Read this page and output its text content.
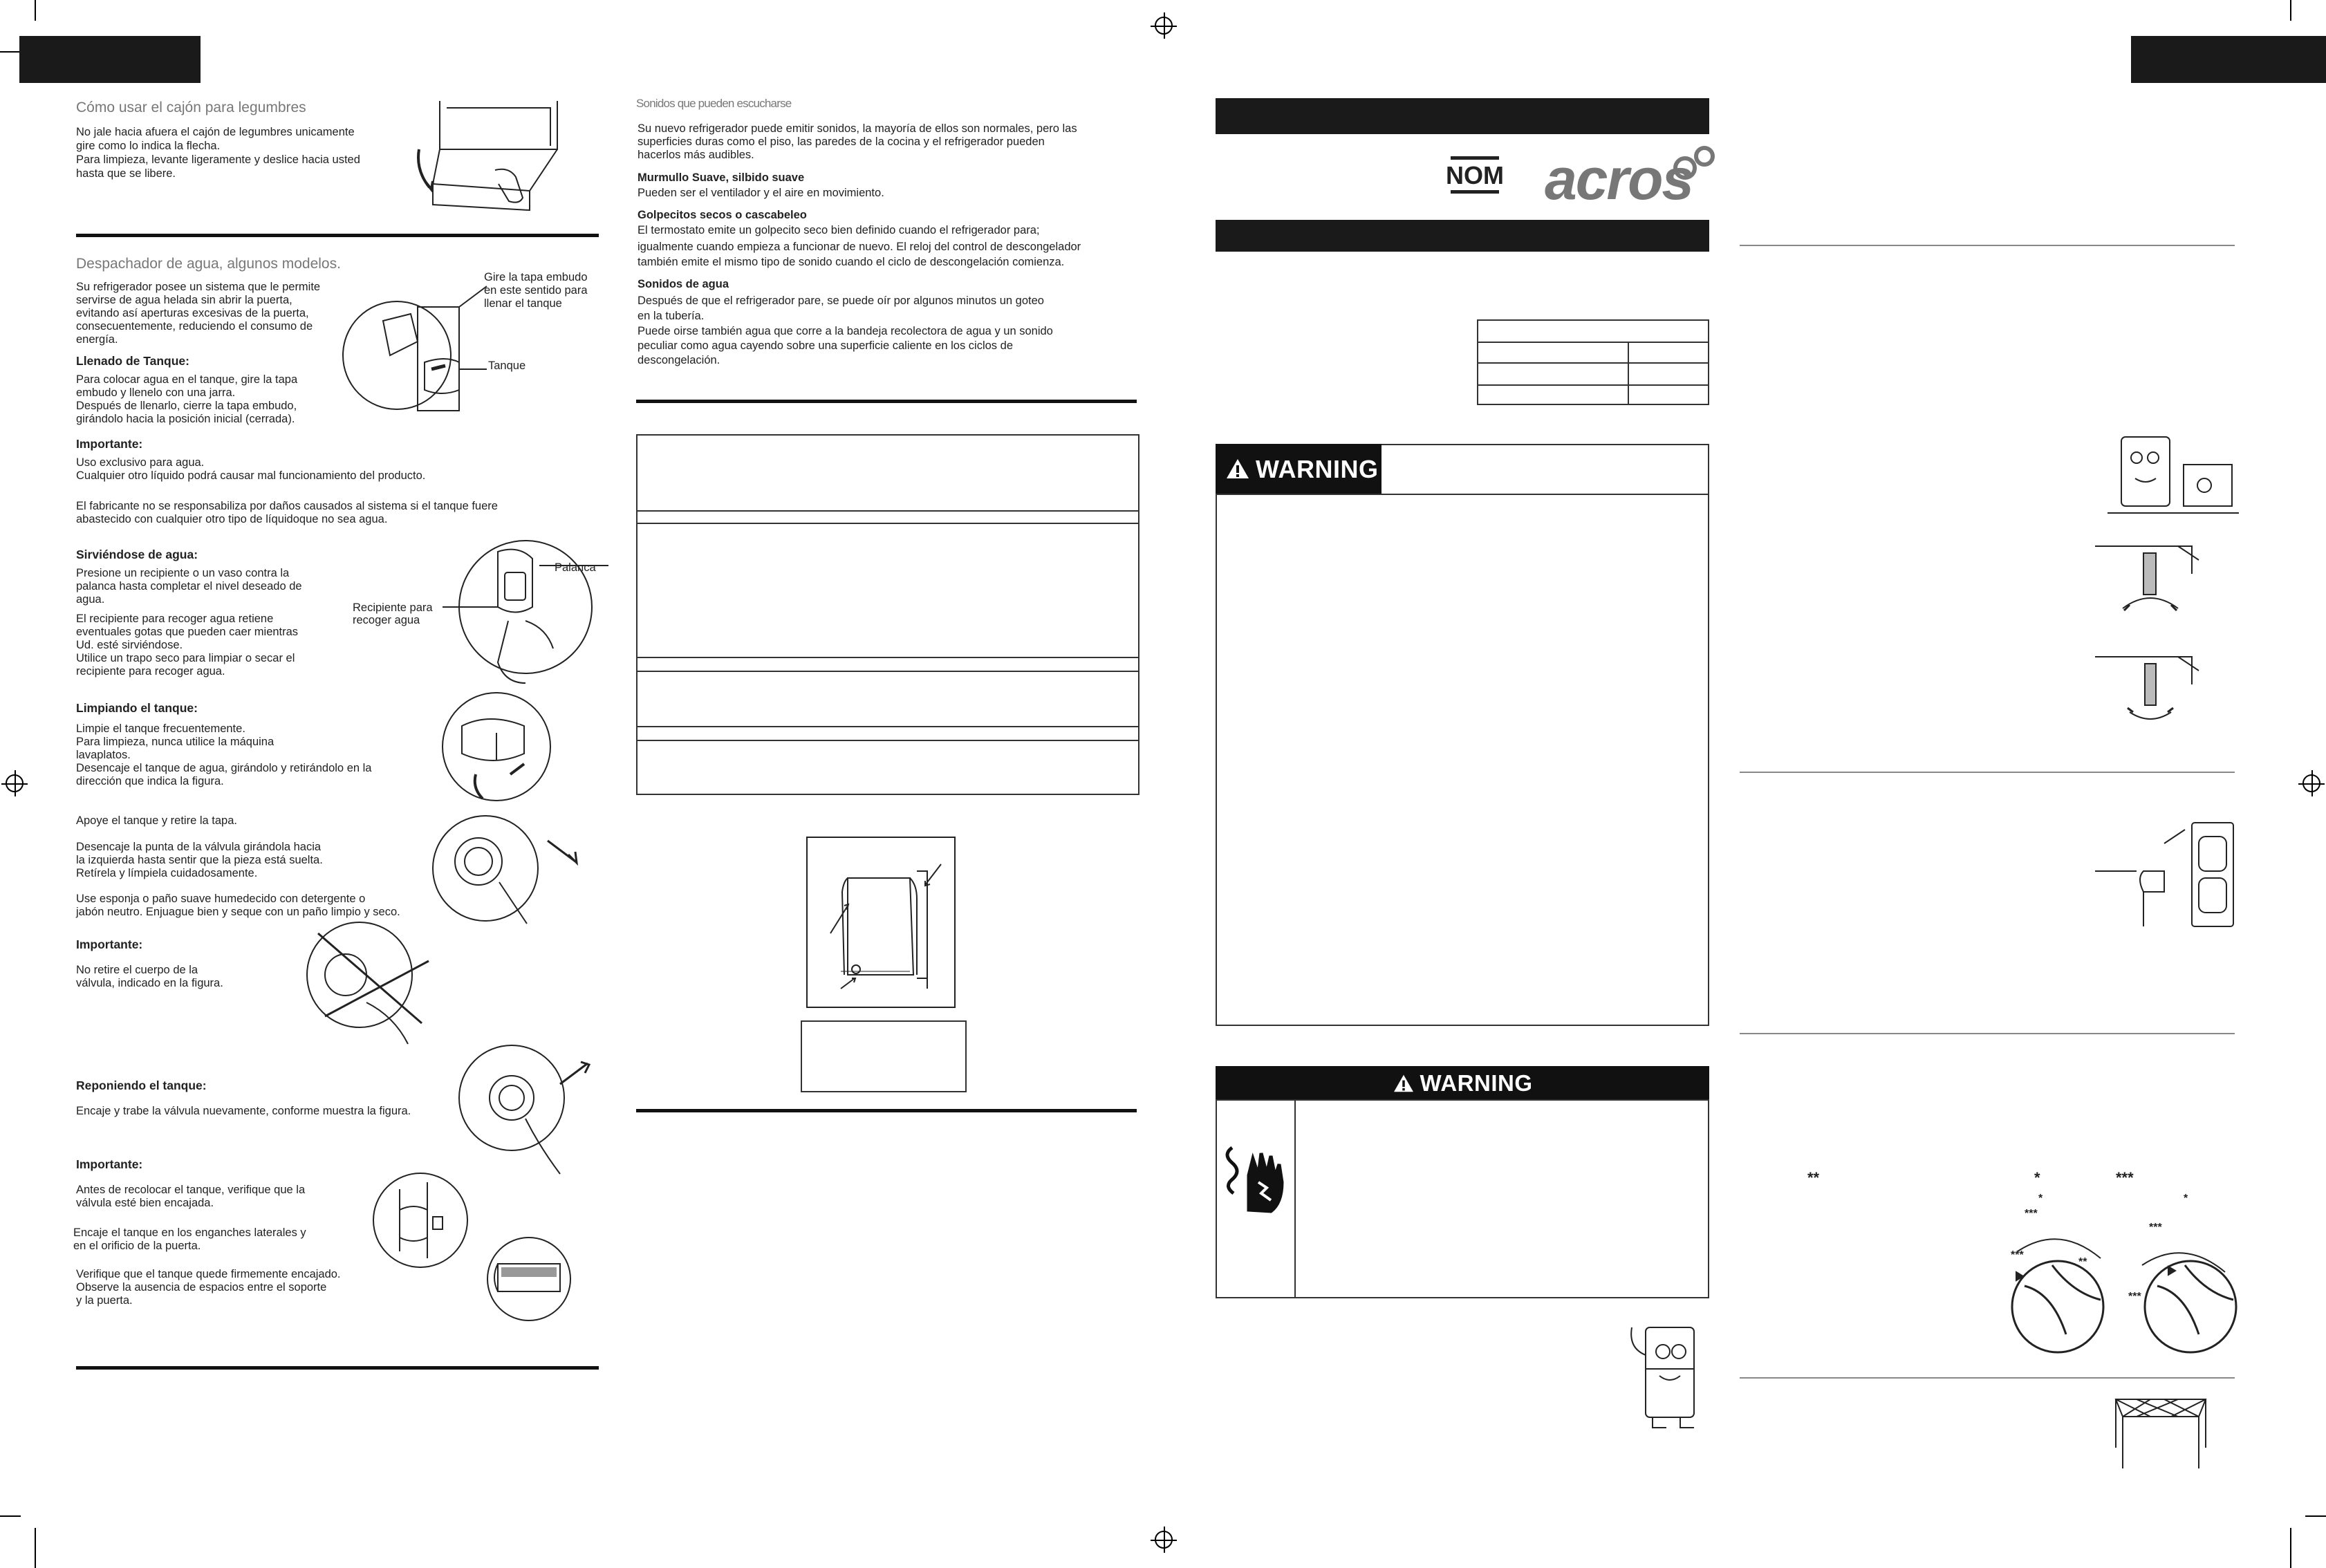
Cómo usar el cajón para legumbres
No jale hacia afuera el cajón de legumbres unicamente
gire como lo indica la flecha.
Para limpieza, levante ligeramente y deslice hacia usted
hasta que se libere.
Despachador de agua, algunos modelos.
Su refrigerador posee un sistema que le permite
servirse de agua helada sin abrir la puerta,
evitando así aperturas excesivas de la puerta,
consecuentemente, reduciendo el consumo de
energía.
Gire la tapa embudo
en este sentido para
llenar el tanque
Tanque
Llenado de Tanque:
Para colocar agua en el tanque, gire la tapa
embudo y llenelo con una jarra.
Después de llenarlo, cierre la tapa embudo,
girándolo hacia la posición inicial (cerrada).
Importante:
Uso exclusivo para agua.
Cualquier otro líquido podrá causar mal funcionamiento del producto.
El fabricante no se responsabiliza por daños causados al sistema si el tanque fuere
abastecido con cualquier otro tipo de líquidoque no sea agua.
Sirviéndose de agua:
Presione un recipiente o un vaso contra la
palanca hasta completar el nivel deseado de
agua.
El recipiente para recoger agua retiene
eventuales gotas que pueden caer mientras
Ud. esté sirviéndose.
Utilice un trapo seco para limpiar o secar el
recipiente para recoger agua.
Recipiente para
recoger agua
Palanca
Limpiando el tanque:
Limpie el tanque frecuentemente.
Para limpieza, nunca utilice la máquina
lavaplatos.
Desencaje el tanque de agua, girándolo y retirándolo en la
dirección que indica la figura.
Apoye el tanque y retire la tapa.
Desencaje la punta de la válvula girándola hacia
la izquierda hasta sentir que la pieza está suelta.
Retírela y límpiela cuidadosamente.
Use esponja o paño suave humedecido con detergente o
jabón neutro. Enjuague bien y seque con un paño limpio y seco.
Importante:
No retire el cuerpo de la
válvula, indicado en la figura.
Reponiendo el tanque:
Encaje y trabe la válvula nuevamente, conforme muestra la figura.
Importante:
Antes de recolocar el tanque, verifique que la
válvula esté bien encajada.
Encaje el tanque en los enganches laterales y
en el orificio de la puerta.
Verifique que el tanque quede firmemente encajado.
Observe la ausencia de espacios entre el soporte
y la puerta.
Sonidos que pueden escucharse
Su nuevo refrigerador puede emitir sonidos, la mayoría de ellos son normales, pero las
superficies duras como el piso, las paredes de la cocina y el refrigerador pueden
hacerlos más audibles.
Murmullo Suave, silbido suave
Pueden ser el ventilador y el aire en movimiento.
Golpecitos secos o cascabeleo
El termostato emite un golpecito seco bien definido cuando el refrigerador para;
igualmente cuando empieza a funcionar de nuevo. El reloj del control de descongelador
también emite el mismo tipo de sonido cuando el ciclo de descongelación comienza.
Sonidos de agua
Después de que el refrigerador pare, se puede oír por algunos minutos un goteo
en la tubería.
Puede oirse también agua que corre a la bandeja recolectora de agua y un sonido
peculiar como agua cayendo sobre una superficie caliente en los ciclos de
descongelación.
NOM acros
WARNING
WARNING
**	*	***
*
***
***
**
*
***
***
